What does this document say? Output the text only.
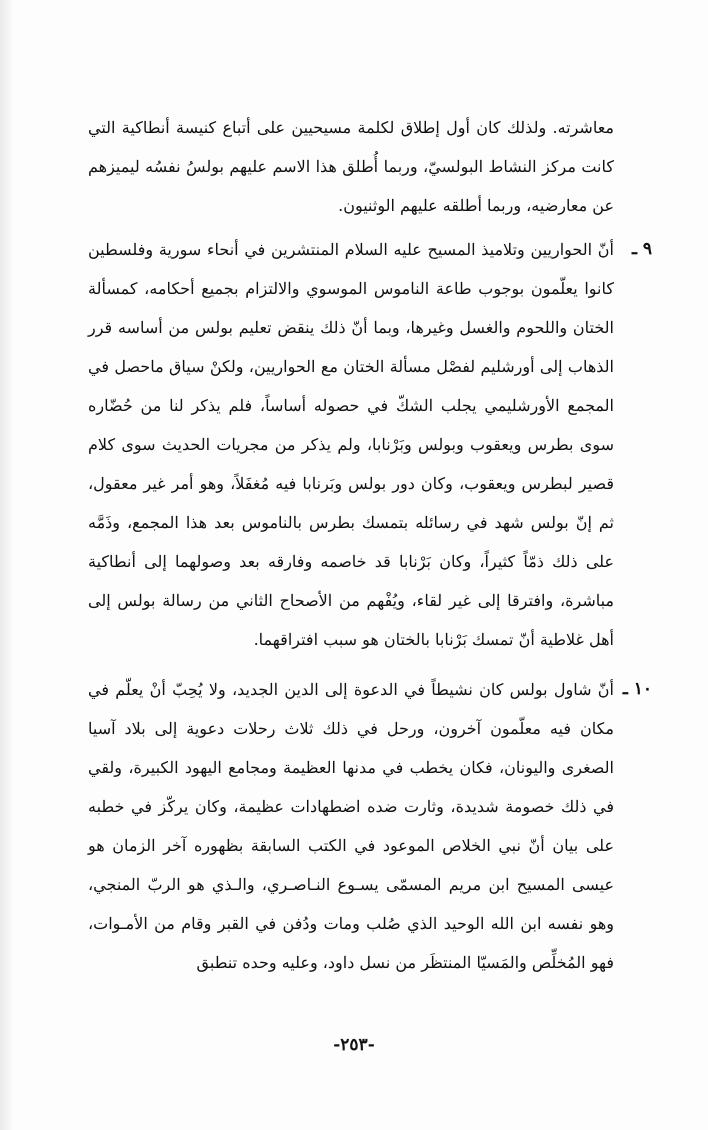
معاشرته. ولذلك كان أول إطلاق لكلمة مسيحيين على أتباع كنيسة أنطاكية التي كانت مركز النشاط البولسيّ، وربما أُطلق هذا الاسم عليهم بولسُ نفسُه ليميزهم عن معارضيه، وربما أطلقه عليهم الوثنيون.

٩ ـ
أنّ الحواريين وتلاميذ المسيح عليه السلام المنتشرين في أنحاء سورية وفلسطين كانوا يعلّمون بوجوب طاعة الناموس الموسوي والالتزام بجميع أحكامه، كمسألة الختان واللحوم والغسل وغيرها، وبما أنّ ذلك ينقض تعليم بولس من أساسه قرر الذهاب إلى أورشليم لفصْل مسألة الختان مع الحواريين، ولكنْ سياق ماحصل في المجمع الأورشليمي يجلب الشكّ في حصوله أساساً، فلم يذكر لنا من حُضّاره سوى بطرس ويعقوب وبولس وبَرْنابا، ولم يذكر من مجريات الحديث سوى كلام قصير لبطرس ويعقوب، وكان دور بولس وبَرنابا فيه مُغفَلاً، وهو أمر غير معقول، ثم إنّ بولس شهد في رسائله بتمسك بطرس بالناموس بعد هذا المجمع، وذَمَّه على ذلك ذمّاً كثيراً، وكان بَرْنابا قد خاصمه وفارقه بعد وصولهما إلى أنطاكية مباشرة، وافترقا إلى غير لقاء، ويُفْهم من الأصحاح الثاني من رسالة بولس إلى أهل غلاطية أنّ تمسك بَرْنابا بالختان هو سبب افتراقهما.
١٠ ـ
أنّ شاول بولس كان نشيطاً في الدعوة إلى الدين الجديد، ولا يُحِبّ أنْ يعلّم في مكان فيه معلّمون آخرون، ورحل في ذلك ثلاث رحلات دعوية إلى بلاد آسيا الصغرى واليونان، فكان يخطب في مدنها العظيمة ومجامع اليهود الكبيرة، ولقي في ذلك خصومة شديدة، وثارت ضده اضطهادات عظيمة، وكان يركّز في خطبه على بيان أنّ نبي الخلاص الموعود في الكتب السابقة بظهوره آخر الزمان هو عيسى المسيح ابن مريم المسمّى يسـوع النـاصـري، والـذي هو الربّ المنجي، وهو نفسه ابن الله الوحيد الذي صُلب ومات ودُفن في القبر وقام من الأمـوات، فهو المُخلِّص والمَسيّا المنتظَر من نسل داود، وعليه وحده تنطبق
-٢٥٣-
